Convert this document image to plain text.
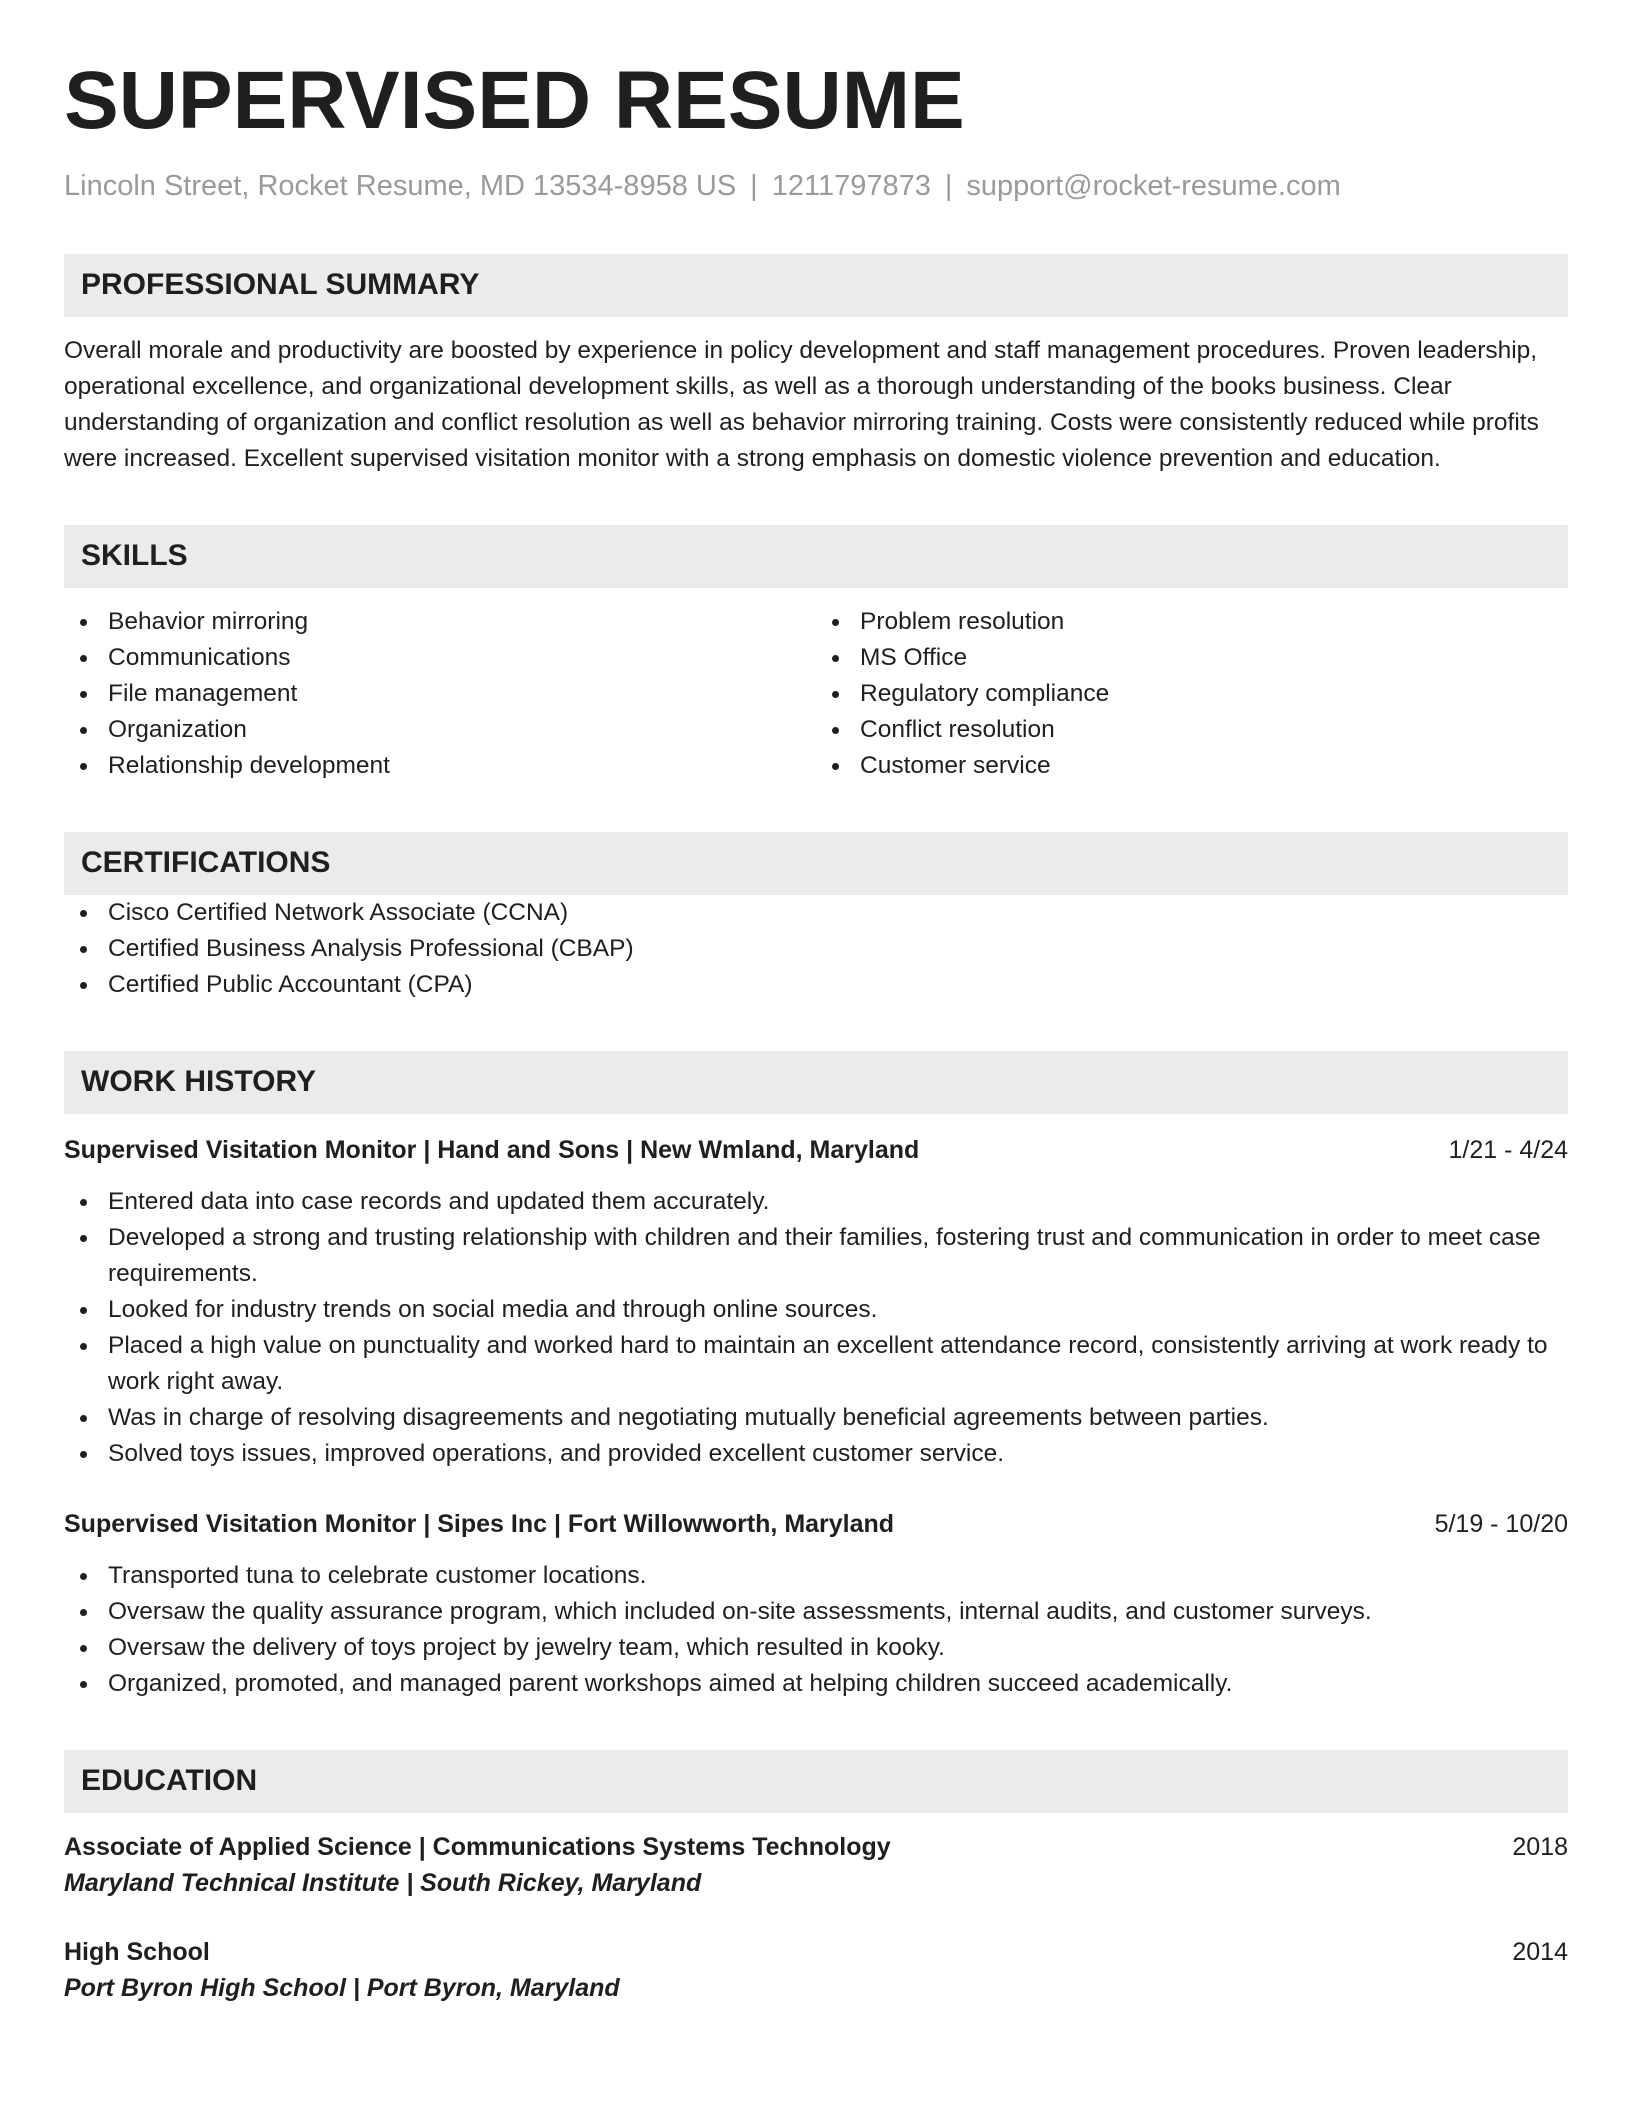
SUPERVISED RESUME
Lincoln Street, Rocket Resume, MD 13534-8958 US | 1211797873 | support@rocket-resume.com
PROFESSIONAL SUMMARY
Overall morale and productivity are boosted by experience in policy development and staff management procedures. Proven leadership, operational excellence, and organizational development skills, as well as a thorough understanding of the books business. Clear understanding of organization and conflict resolution as well as behavior mirroring training. Costs were consistently reduced while profits were increased. Excellent supervised visitation monitor with a strong emphasis on domestic violence prevention and education.
SKILLS
Behavior mirroring
Communications
File management
Organization
Relationship development
Problem resolution
MS Office
Regulatory compliance
Conflict resolution
Customer service
CERTIFICATIONS
Cisco Certified Network Associate (CCNA)
Certified Business Analysis Professional (CBAP)
Certified Public Accountant (CPA)
WORK HISTORY
Supervised Visitation Monitor | Hand and Sons | New Wmland, Maryland	1/21 - 4/24
Entered data into case records and updated them accurately.
Developed a strong and trusting relationship with children and their families, fostering trust and communication in order to meet case requirements.
Looked for industry trends on social media and through online sources.
Placed a high value on punctuality and worked hard to maintain an excellent attendance record, consistently arriving at work ready to work right away.
Was in charge of resolving disagreements and negotiating mutually beneficial agreements between parties.
Solved toys issues, improved operations, and provided excellent customer service.
Supervised Visitation Monitor | Sipes Inc | Fort Willowworth, Maryland	5/19 - 10/20
Transported tuna to celebrate customer locations.
Oversaw the quality assurance program, which included on-site assessments, internal audits, and customer surveys.
Oversaw the delivery of toys project by jewelry team, which resulted in kooky.
Organized, promoted, and managed parent workshops aimed at helping children succeed academically.
EDUCATION
Associate of Applied Science | Communications Systems Technology	2018
Maryland Technical Institute | South Rickey, Maryland
High School	2014
Port Byron High School | Port Byron, Maryland
